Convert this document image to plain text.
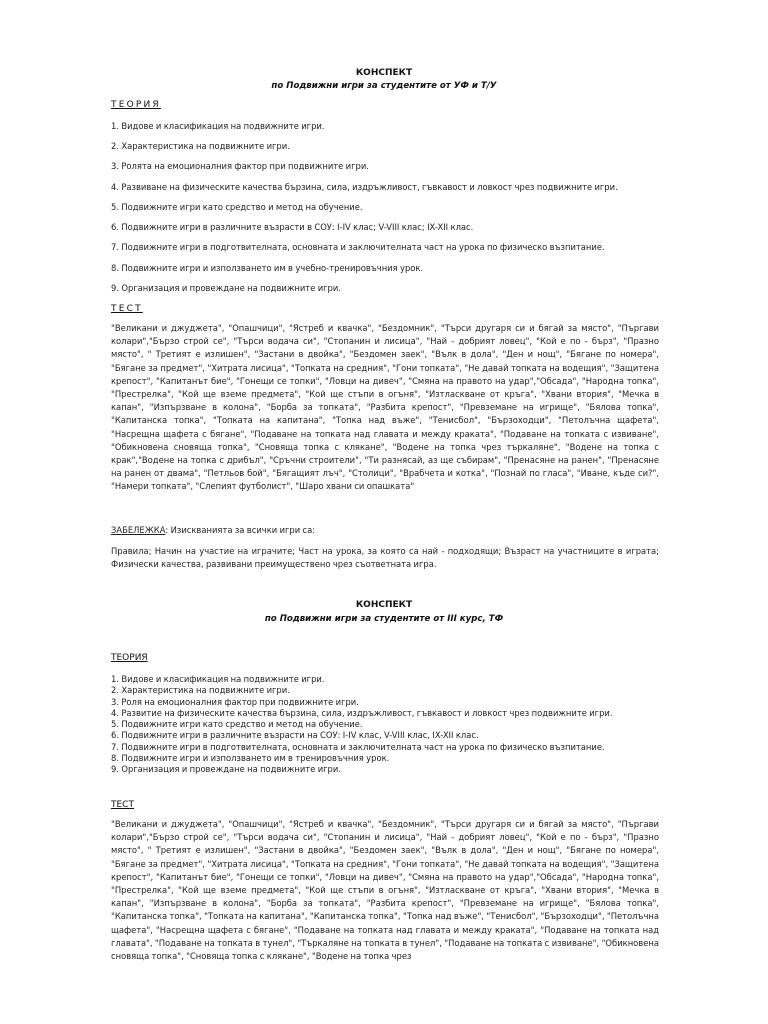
КОНСПЕКТ
по Подвижни игри за студентите от УФ и Т/У
ТЕОРИЯ
1. Видове и класификация на подвижните игри.
2. Характеристика на подвижните игри.
3. Ролята на емоционалния фактор при подвижните игри.
4. Развиване на физическите качества бързина, сила, издръжливост, гъвкавост и ловкост чрез подвижните игри.
5. Подвижните игри като средство и метод на обучение.
6. Подвижните игри в различните възрасти в СОУ: I-IV клас; V-VIII клас; IX-XII клас.
7. Подвижните игри в подготвителната, основната и заключителната част на урока по физическо възпитание.
8. Подвижните игри и използването им в учебно-тренировъчния урок.
9. Организация и провеждане на подвижните игри.
ТЕСТ

"Великани и джуджета", "Опашчици", "Ястреб и квачка", "Бездомник", "Търси другаря си и бягай за място", "Пъргави колари","Бързо строй се", "Търси водача си", "Стопанин и лисица", "Най - добрият ловец", "Кой е по - бърз", "Празно място", " Третият е излишен", "Застани в двойка", "Бездомен заек", "Вълк в дола", "Ден и нощ", "Бягане по номера", "Бягане за предмет", "Хитрата лисица", "Топката на средния", "Гони топката", "Не давай топката на водещия", "Защитена крепост", "Капитанът бие", "Гонещи се топки", "Ловци на дивеч", "Смяна на правото на удар","Обсада", "Народна топка", "Престрелка", "Кой ще вземе предмета", "Кой ще стъпи в огъня", "Изтласкване от кръга", "Хвани втория", "Мечка в капан", "Изпързване в колона", "Борба за топката", "Разбита крепост", "Превземане на игрище", "Бялова топка", "Капитанска топка", "Топката на капитана", "Топка над въже", "Тенисбол", "Бързоходци", "Петолъчна щафета", "Насрещна щафета с бягане", "Подаване на топката над главата и между краката", "Подаване на топката с извиване", "Обикновена сновяща топка", "Сновяща топка с клякане", "Водене на топка чрез търкаляне", "Водене на топка с крак","Водене на топка с дрибъл", "Сръчни строители", "Ти разнясай, аз ще събирам", "Пренасяне на ранен", "Пренасяне на ранен от двама", "Петльов бой", "Бягащият лъч", "Столици", "Врабчета и котка", "Познай по гласа", "Иване, къде си?", "Намери топката", "Слепият футболист", "Шаро хвани си опашката"

ЗАБЕЛЕЖКА: Изискванията за всички игри са:

Правила; Начин на участие на играчите; Част на урока, за която са най - подходящи; Възраст на участниците в играта; Физически качества, развивани преимуществено чрез съответната игра.

КОНСПЕКТ
по Подвижни игри за студентите от III курс, ТФ
ТЕОРИЯ
1. Видове и класификация на подвижните игри.
2. Характеристика на подвижните игри.
3. Роля на емоционалния фактор при подвижните игри.
4. Развитие на физическите качества бързина, сила, издръжливост, гъвкавост и ловкост чрез подвижните игри.
5. Подвижните игри като средство и метод на обучение.
6. Подвижните игри в различните възрасти на СОУ: I-IV клас, V-VIII клас, IX-XII клас.
7. Подвижните игри в подготвителната, основната и заключителната част на урока по физическо възпитание.
8. Подвижните игри и използването им в тренировъчния урок.
9. Организация и провеждане на подвижните игри.
ТЕСТ

"Великани и джуджета", "Опашчици", "Ястреб и квачка", "Бездомник", "Търси другаря си и бягай за място", "Пъргави колари","Бързо строй се", "Търси водача си", "Стопанин и лисица", "Най - добрият ловец", "Кой е по - бърз", "Празно място", " Третият е излишен", "Застани в двойка", "Бездомен заек", "Вълк в дола", "Ден и нощ", "Бягане по номера", "Бягане за предмет", "Хитрата лисица", "Топката на средния", "Гони топката", "Не давай топката на водещия", "Защитена крепост", "Капитанът бие", "Гонещи се топки", "Ловци на дивеч", "Смяна на правото на удар","Обсада", "Народна топка", "Престрелка", "Кой ще вземе предмета", "Кой ще стъпи в огъня", "Изтласкване от кръга", "Хвани втория", "Мечка в капан", "Изпързване в колона", "Борба за топката", "Разбита крепост", "Превземане на игрище", "Бялова топка", "Капитанска топка", "Топката на капитана", "Капитанска топка", "Топка над въже", "Тенисбол", "Бързоходци", "Петолъчна щафета", "Насрещна щафета с бягане", "Подаване на топката над главата и между краката", "Подаване на топката над главата", "Подаване на топката в тунел", "Търкаляне на топката в тунел", "Подаване на топката с извиване", "Обикновена сновяща топка", "Сновяща топка с клякане", "Водене на топка чрез
